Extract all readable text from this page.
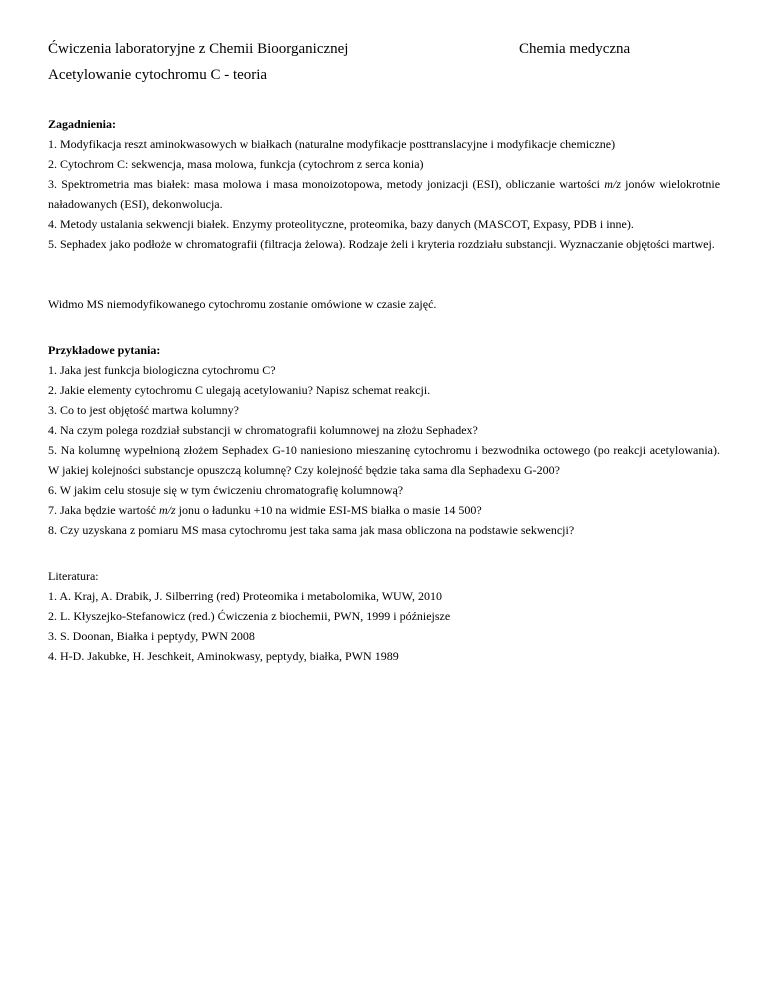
Ćwiczenia laboratoryjne z Chemii Bioorganicznej	Chemia medyczna
Acetylowanie cytochromu C - teoria

Zagadnienia:

1. Modyfikacja reszt aminokwasowych w białkach (naturalne modyfikacje posttranslacyjne i modyfikacje chemiczne)

2. Cytochrom C: sekwencja, masa molowa, funkcja (cytochrom z serca konia)

3. Spektrometria mas białek: masa molowa i masa monoizotopowa, metody jonizacji (ESI), obliczanie wartości m/z jonów wielokrotnie naładowanych (ESI), dekonwolucja.

4. Metody ustalania sekwencji białek. Enzymy proteolityczne, proteomika, bazy danych (MASCOT, Expasy, PDB i inne).

5. Sephadex jako podłoże w chromatografii (filtracja żelowa). Rodzaje żeli i kryteria rozdziału substancji. Wyznaczanie objętości martwej.

Widmo MS niemodyfikowanego cytochromu zostanie omówione w czasie zajęć.

Przykładowe pytania:

1. Jaka jest funkcja biologiczna cytochromu C?

2. Jakie elementy cytochromu C ulegają acetylowaniu? Napisz schemat reakcji.

3. Co to jest objętość martwa kolumny?

4. Na czym polega rozdział substancji w chromatografii kolumnowej na złożu Sephadex?

5. Na kolumnę wypełnioną złożem Sephadex G-10 naniesiono mieszaninę cytochromu i bezwodnika octowego (po reakcji acetylowania). W jakiej kolejności substancje opuszczą kolumnę? Czy kolejność będzie taka sama dla Sephadexu G-200?

6. W jakim celu stosuje się w tym ćwiczeniu chromatografię kolumnową?

7. Jaka będzie wartość m/z jonu o ładunku +10 na widmie ESI-MS białka o masie 14 500?

8. Czy uzyskana z pomiaru MS masa cytochromu jest taka sama jak masa obliczona na podstawie sekwencji?

Literatura:

1. A. Kraj, A. Drabik, J. Silberring (red) Proteomika i metabolomika, WUW, 2010

2. L. Kłyszejko-Stefanowicz (red.) Ćwiczenia z biochemii, PWN, 1999 i późniejsze

3. S. Doonan, Białka i peptydy, PWN 2008

4. H-D. Jakubke, H. Jeschkeit, Aminokwasy, peptydy, białka, PWN 1989
